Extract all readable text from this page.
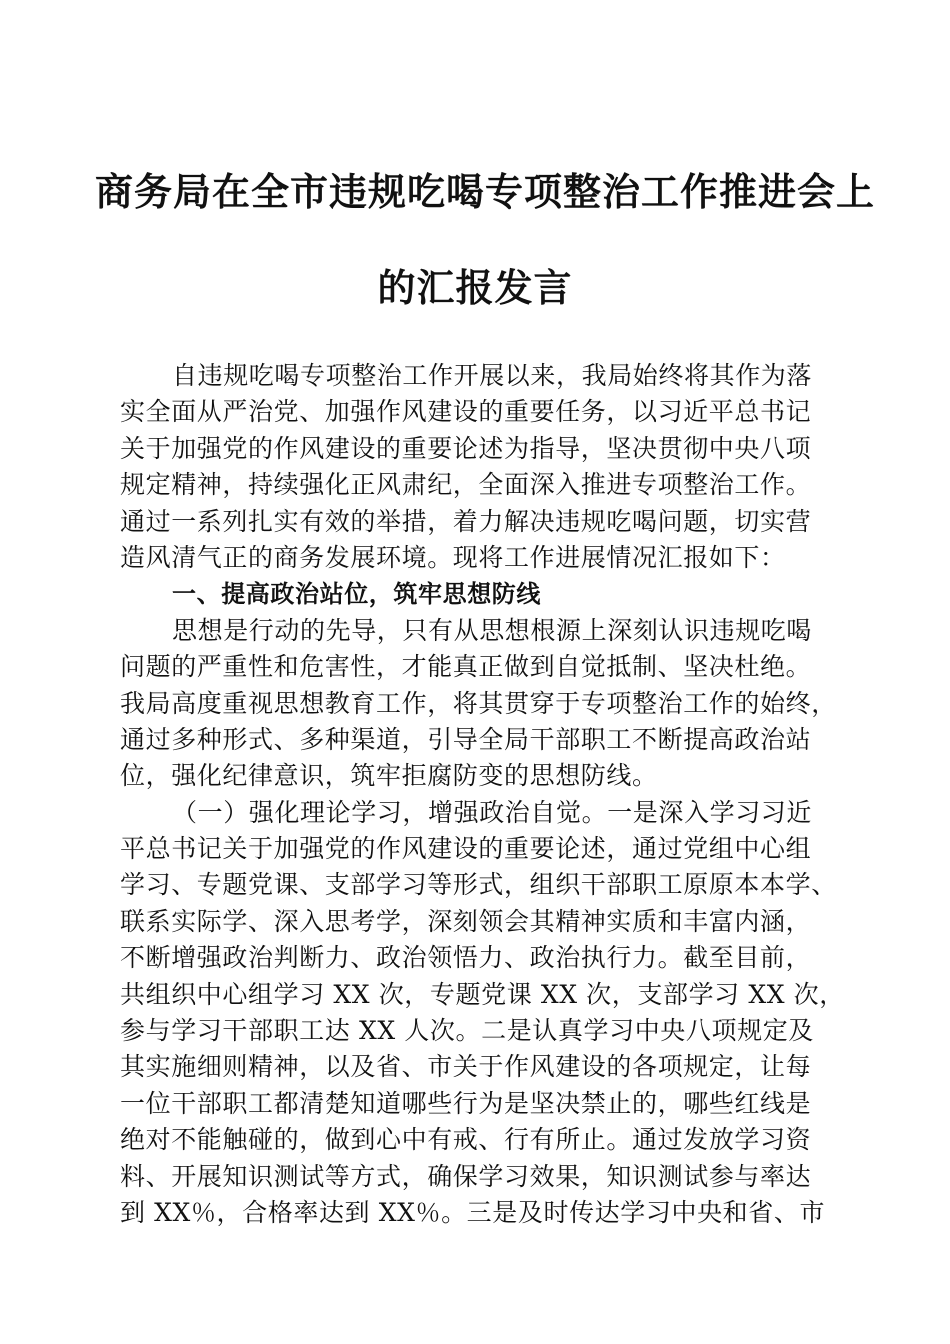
商务局在全市违规吃喝专项整治工作推进会上
的汇报发言
自违规吃喝专项整治工作开展以来，我局始终将其作为落
实全面从严治党、加强作风建设的重要任务，以习近平总书记
关于加强党的作风建设的重要论述为指导，坚决贯彻中央八项
规定精神，持续强化正风肃纪，全面深入推进专项整治工作。
通过一系列扎实有效的举措，着力解决违规吃喝问题，切实营
造风清气正的商务发展环境。现将工作进展情况汇报如下：
一、提高政治站位，筑牢思想防线
思想是行动的先导，只有从思想根源上深刻认识违规吃喝
问题的严重性和危害性，才能真正做到自觉抵制、坚决杜绝。
我局高度重视思想教育工作，将其贯穿于专项整治工作的始终，
通过多种形式、多种渠道，引导全局干部职工不断提高政治站
位，强化纪律意识，筑牢拒腐防变的思想防线。
（一）强化理论学习，增强政治自觉。一是深入学习习近
平总书记关于加强党的作风建设的重要论述，通过党组中心组
学习、专题党课、支部学习等形式，组织干部职工原原本本学、
联系实际学、深入思考学，深刻领会其精神实质和丰富内涵，
不断增强政治判断力、政治领悟力、政治执行力。截至目前，
共组织中心组学习 XX 次，专题党课 XX 次，支部学习 XX 次，
参与学习干部职工达 XX 人次。二是认真学习中央八项规定及
其实施细则精神，以及省、市关于作风建设的各项规定，让每
一位干部职工都清楚知道哪些行为是坚决禁止的，哪些红线是
绝对不能触碰的，做到心中有戒、行有所止。通过发放学习资
料、开展知识测试等方式，确保学习效果，知识测试参与率达
到 XX％，合格率达到 XX％。三是及时传达学习中央和省、市
